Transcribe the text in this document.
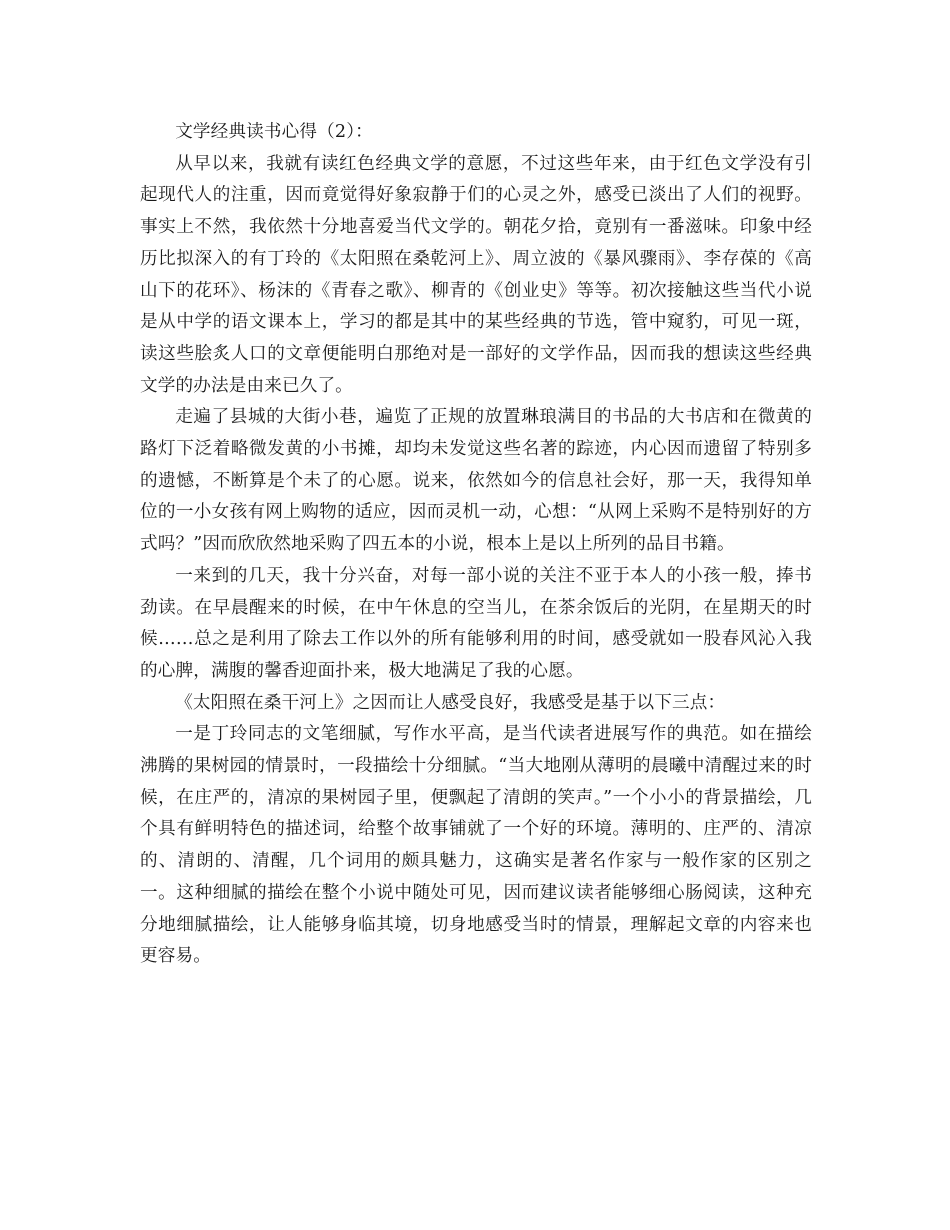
文学经典读书心得（2）：

从早以来，我就有读红色经典文学的意愿，不过这些年来，由于红色文学没有引起现代人的注重，因而竟觉得好象寂静于们的心灵之外，感受已淡出了人们的视野。事实上不然，我依然十分地喜爱当代文学的。朝花夕拾，竟别有一番滋味。印象中经历比拟深入的有丁玲的《太阳照在桑乾河上》、周立波的《暴风骤雨》、李存葆的《高山下的花环》、杨沫的《青春之歌》、柳青的《创业史》等等。初次接触这些当代小说是从中学的语文课本上，学习的都是其中的某些经典的节选，管中窥豹，可见一斑，读这些脍炙人口的文章便能明白那绝对是一部好的文学作品，因而我的想读这些经典文学的办法是由来已久了。

走遍了县城的大街小巷，遍览了正规的放置琳琅满目的书品的大书店和在微黄的路灯下泛着略微发黄的小书摊，却均未发觉这些名著的踪迹，内心因而遗留了特别多的遗憾，不断算是个未了的心愿。说来，依然如今的信息社会好，那一天，我得知单位的一小女孩有网上购物的适应，因而灵机一动，心想：“从网上采购不是特别好的方式吗？”因而欣欣然地采购了四五本的小说，根本上是以上所列的品目书籍。

一来到的几天，我十分兴奋，对每一部小说的关注不亚于本人的小孩一般，捧书劲读。在早晨醒来的时候，在中午休息的空当儿，在茶余饭后的光阴，在星期天的时候……总之是利用了除去工作以外的所有能够利用的时间，感受就如一股春风沁入我的心脾，满腹的馨香迎面扑来，极大地满足了我的心愿。

《太阳照在桑干河上》之因而让人感受良好，我感受是基于以下三点：

一是丁玲同志的文笔细腻，写作水平高，是当代读者进展写作的典范。如在描绘沸腾的果树园的情景时，一段描绘十分细腻。“当大地刚从薄明的晨曦中清醒过来的时候，在庄严的，清凉的果树园子里，便飘起了清朗的笑声。”一个小小的背景描绘，几个具有鲜明特色的描述词，给整个故事铺就了一个好的环境。薄明的、庄严的、清凉的、清朗的、清醒，几个词用的颇具魅力，这确实是著名作家与一般作家的区别之一。这种细腻的描绘在整个小说中随处可见，因而建议读者能够细心肠阅读，这种充分地细腻描绘，让人能够身临其境，切身地感受当时的情景，理解起文章的内容来也更容易。
